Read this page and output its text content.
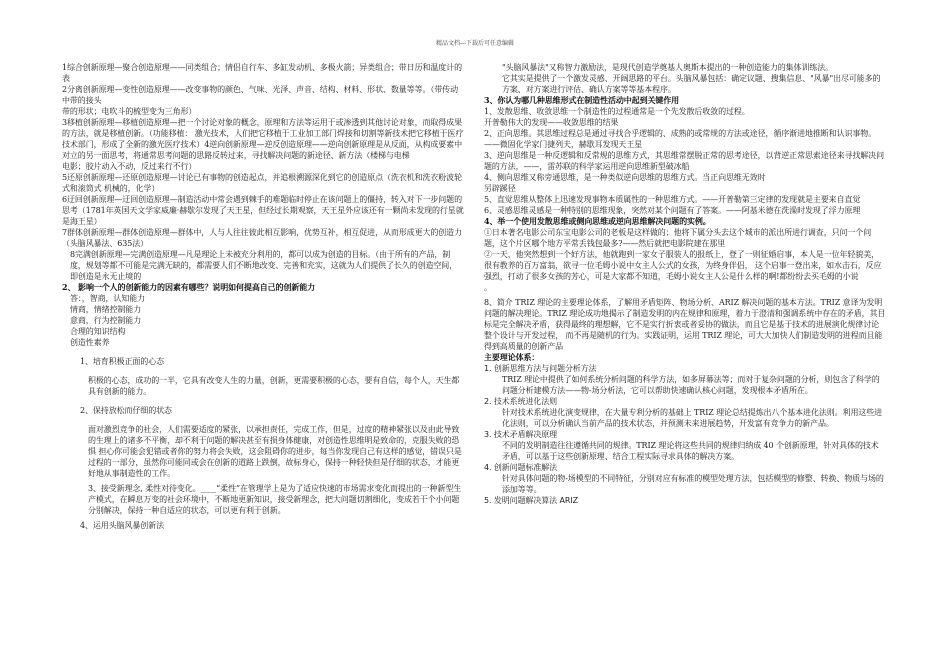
精品文档---下载后可任意编辑

1综合创新原理—聚合创造原理——同类组合；情侣自行车、多缸发动机、多极火箭；异类组合；带日历和温度计的表

2分离创新原理—变性创造原理——改变事物的颜色、气味、光泽、声音、结构、材料、形状、数量等等。（带传动中带的接头

带的形状；电吹斗的梳型变为三角形）

3移植创新原理—移植创造原理—把一个讨论对象的概念，原理和方法等运用于或渗透到其他讨论对象，而取得成果的方法，就是移植创新。（功能移植： 激光技术，人们把它移植于工业加工部门焊接和切割等新技术把它移植于医疗技术部门，形成了全新的激光医疗技术）4逆向创新原理—逆反创造原理——逆向创新原理是从反面，从构成要素中对立的另一面思考，将通常思考问题的思路反转过来，寻找解决问题的新途径、新方法（楼梯与电梯

电影；胶片动入不动，反过来行不行）

5还原创新原理—还原创造原理—讨论已有事物的创造起点，并追根溯源深化到它的创造原点（洗衣机和洗衣粉波轮式和滚筒式 机械的，化学）

6迂回创新原理—迂回创造原理—制造活动中常会遇到棘手的难题临时停止在该问题上的僵持，转入对下一步问题的思考（1781年英国天文学家威廉·赫歇尔发现了天王星，但经过长期观察，天王星外应该还有一颗尚未发现的行星就是海王星）

7群体创新原理—群体创造原理—群体中，人与人往往彼此相互影响，优势互补，相互促进，从而形成更大的创造力（头脑风暴法、635法）

8完满创新原理—完满创造原理—凡是理论上未被充分利用的，都可以成为创造的目标。（由于所有的产品，制度，规划等都不可能是完满无缺的，都需要人们不断地改变、完善和充实，这就为人们提供了长久的创造空间，即创造是永无止境的

2、 影响一个人的创新能力的因素有哪些？说明如何提高自己的创新能力

答：，智商，认知能力

情商，情绪控制能力

意商，行为控制能力

合理的知识结构

创造性素养

1、培育积极正面的心态

积极的心态，成功的一半，它具有改变人生的力量，创新，更需要积极的心态，要有自信，每个人，天生都具有创新的能力。

2、保持放松而仔细的状态

面对激烈竞争的社会，人们需要适度的紧张，以承担责任，完成工作，但是，过度的精神紧张以及由此导致的生理上的诸多不平衡，却不利于问题的解决甚至有损身体健康，对创造性思维明是致命的，克服失败的恐惧 担心你可能会犯错或者你的努力将会失败，这会阻碍你的进步，每当你发现自己有这样的感觉，错误只是过程的一部分，虽然你可能同或会在创新的道路上跌倒，故标身心，保持一种轻快但是仔细的状态，才能更好地从事制造性的工作。

3、接受新理念, 柔性对待变化。____“柔性”在管理学上是为了适应快速的市场需求变化而提出的一种新型生产模式，在瞬息万变的社会环境中，不断地更新知识，接受新理念，把大问题切割细化，变成若干个小问题分别解决，保持一种自适应的状态，可以更有利于创新。

4、运用头脑风暴创新法

"头脑风暴法"又称智力激励法，是现代创造学奠基人奥斯本提出的一种创造能力的集体训练法。

它其实是提供了一个激发灵感、开阔思路的平台。头脑风暴包括：确定议题、搜集信息、"风暴"出尽可能多的方案、对方案进行评估、确认方案等等基本程序。

3、你认为哪几种思维形式在制造性活动中起到关键作用

1、发散思维、收敛思维一个制造性的过程通常是一个先发散后收敛的过程。

开普勒伟大的发现——收敛思维的结果

2、正向思维。其思维过程总是通过寻找合乎逻辑的、成熟的或常规的方法或途径，循序渐进地推断和认识事物。——微固化学家门捷列夫，赫歇耳发现天王星

3、逆向思维是一种反逻辑和反常规的思维方式，其思维常摆脱正常的思考途径，以背逆正常思索途径来寻找解决问题的方法，——，雷苏联的科学家运用逆向思维新型破冰船

4、侧向思维又称旁通思维，是一种类似逆向思维的思维方式。当正向思维无效时

另辟蹊径

5、直觉思维从整体上迅速发现事物本质属性的一种思维方式。——开普勒第三定律的发现就是主要来自直觉

6、灵感思维灵感是一种特别的思维现象，突然对某个问题有了答案。——阿基米德在洗澡时发现了浮力原理

4、举一个使用发散思维或侧向思维或逆向思维解决问题的实例。

①日本著名电影公司东宝电影公司的老板是这样做的；他将下属分头去这个城市的派出所进行调查，只问一个问题，这个片区哪个地方平常丢钱包最多?——然后就把电影院建在那里

②一天，他突然想到一个好方法，他就跑到一家女子服装人的报纸上，登了一则征婚启事，本人是一位年轻貌美，很有教养的百万富翁，欲寻一位毛姆小说中女主人公式的女孩，为终身伴侣， 这个启事一登出来，如水击石，反应强烈，打动了很多女孩的芳心，可是大家都不知道，毛姆小说女主人公是什么样的啊!都纷纷去买毛姆的小说

。

8、简介 TRIZ 理论的主要理论体系，了解用矛盾矩阵、物场分析、ARIZ 解决问题的基本方法。TRIZ 意译为发明问题的解决理论。TRIZ 理论成功地揭示了制造发明的内在规律和原理，着力于澄清和强调系统中存在的矛盾，其目标是完全解决矛盾，获得最终的理想解，它不是实行折衷或者妥协的做法，而且它是基于技术的进展演化规律讨论整个设计与开发过程， 而不再是随机的行为。实践证明，运用 TRIZ 理论，可大大加快人们制造发明的进程而且能得到高质量的创新产品

主要理论体系：

1. 创新思维方法与问题分析方法

TRIZ 理论中提供了如何系统分析问题的科学方法，如多屏幕法等；而对于复杂问题的分析，则包含了科学的问题分析建模方法——物-场分析法，它可以帮助快速确认核心问题，发现根本矛盾所在。

2. 技术系统进化法则

针对技术系统进化演变规律，在大量专利分析的基础上 TRIZ 理论总结提炼出八个基本进化法则。利用这些进化法则，可以分析确认当前产品的技术状态，并预测未来进展趋势，开发富有竞争力的新产品。

3. 技术矛盾解决原理

不同的发明制造往往遵循共同的规律。TRIZ 理论将这些共同的规律归纳成 40 个创新原理，针对具体的技术矛盾，可以基于这些创新原理、结合工程实际寻求具体的解决方案。

4. 创新问题标准解法

针对具体问题的物-场模型的不同特征，分别对应有标准的模型处理方法，包括模型的修整、转换、物质与场的添加等等。

5. 发明问题解决算法 ARIZ
